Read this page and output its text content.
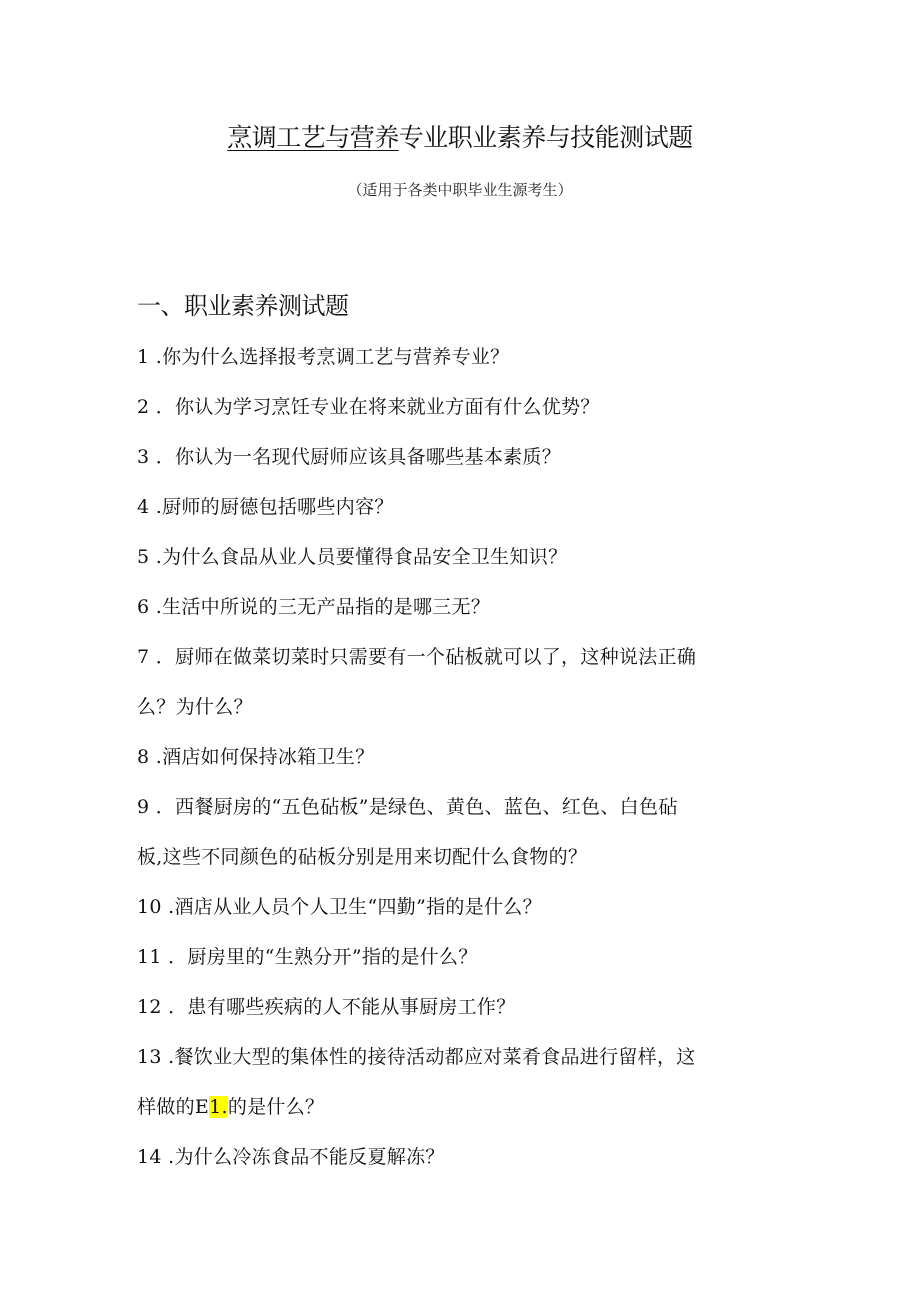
烹调工艺与营养专业职业素养与技能测试题
（适用于各类中职毕业生源考生）
一、职业素养测试题
1 .你为什么选择报考烹调工艺与营养专业？
2 ．你认为学习烹饪专业在将来就业方面有什么优势？
3 ．你认为一名现代厨师应该具备哪些基本素质？
4 .厨师的厨德包括哪些内容？
5 .为什么食品从业人员要懂得食品安全卫生知识？
6 .生活中所说的三无产品指的是哪三无？
7 ．厨师在做菜切菜时只需要有一个砧板就可以了，这种说法正确
么？为什么？
8 .酒店如何保持冰箱卫生？
9 ．西餐厨房的“五色砧板”是绿色、黄色、蓝色、红色、白色砧
板,这些不同颜色的砧板分别是用来切配什么食物的？
10 .酒店从业人员个人卫生“四勤”指的是什么？
11 ．厨房里的“生熟分开”指的是什么？
12 ．患有哪些疾病的人不能从事厨房工作？
13 .餐饮业大型的集体性的接待活动都应对菜肴食品进行留样，这
样做的E1.的是什么？
14 .为什么冷冻食品不能反夏解冻？
